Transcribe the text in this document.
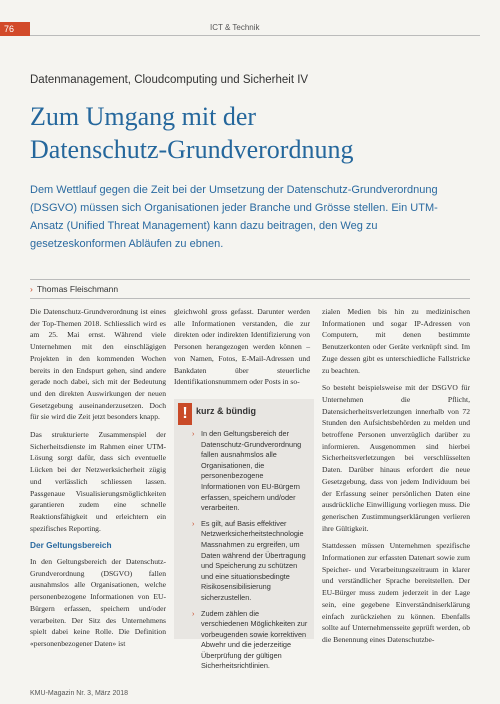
76	ICT & Technik
Datenmanagement, Cloudcomputing und Sicherheit IV
Zum Umgang mit der
Datenschutz-Grundverordnung
Dem Wettlauf gegen die Zeit bei der Umsetzung der Datenschutz-Grundverordnung (DSGVO) müssen sich Organisationen jeder Branche und Grösse stellen. Ein UTM-Ansatz (Unified Threat Management) kann dazu beitragen, den Weg zu gesetzeskonformen Abläufen zu ebnen.
› Thomas Fleischmann

Die Datenschutz-Grundverordnung ist eines der Top-Themen 2018. Schliesslich wird es am 25. Mai ernst. Während viele Unternehmen mit den einschlägigen Projekten in den kommenden Wochen bereits in den Endspurt gehen, sind andere gerade noch dabei, sich mit der Bedeutung und den direkten Auswirkungen der neuen Gesetzgebung auseinanderzusetzen. Doch für sie wird die Zeit jetzt besonders knapp.

Das strukturierte Zusammenspiel der Sicherheitsdienste im Rahmen einer UTM-Lösung sorgt dafür, dass sich eventuelle Lücken bei der Netzwerksicherheit zügig und verlässlich schliessen lassen. Passgenaue Visualisierungsmöglichkeiten garantieren zudem eine schnelle Reaktionsfähigkeit und erleichtern ein spezifisches Reporting.

Der Geltungsbereich

In den Geltungsbereich der Datenschutz-Grundverordnung (DSGVO) fallen ausnahmslos alle Organisationen, welche personenbezogene Informationen von EU-Bürgern erfassen, speichern und/oder verarbeiten. Der Sitz des Unternehmens spielt dabei keine Rolle. Die Definition «personenbezogener Daten» ist

gleichwohl gross gefasst. Darunter werden alle Informationen verstanden, die zur direkten oder indirekten Identifizierung von Personen herangezogen werden können – von Namen, Fotos, E-Mail-Adressen und Bankdaten über steuerliche Identifikationsnummern oder Posts in so-

! kurz & bündig
› In den Geltungsbereich der Datenschutz-Grundverordnung fallen ausnahmslos alle Organisationen, die personenbezogene Informationen von EU-Bürgern erfassen, speichern und/oder verarbeiten.
› Es gilt, auf Basis effektiver Netzwerksicherheitstechnologie Massnahmen zu ergreifen, um Daten während der Übertragung und Speicherung zu schützen und eine situationsbedingte Risikosensibilisierung sicherzustellen.
› Zudem zählen die verschiedenen Möglichkeiten zur vorbeugenden sowie korrektiven Abwehr und die jederzeitige Überprüfung der gültigen Sicherheitsrichtlinien.

zialen Medien bis hin zu medizinischen Informationen und sogar IP-Adressen von Computern, mit denen bestimmte Benutzerkonten oder Geräte verknüpft sind. Im Zuge dessen gibt es unterschiedliche Fallstricke zu beachten.

So besteht beispielsweise mit der DSGVO für Unternehmen die Pflicht, Datensicherheitsverletzungen innerhalb von 72 Stunden den Aufsichtsbehörden zu melden und betroffene Personen unverzüglich darüber zu informieren. Ausgenommen sind hierbei Sicherheitsverletzungen bei verschlüsselten Daten. Darüber hinaus erfordert die neue Gesetzgebung, dass von jedem Individuum bei der Erfassung seiner persönlichen Daten eine ausdrückliche Einwilligung vorliegen muss. Die generischen Zustimmungserklärungen verlieren ihre Gültigkeit.

Stattdessen müssen Unternehmen spezifische Informationen zur erfassten Datenart sowie zum Speicher- und Verarbeitungszeitraum in klarer und verständlicher Sprache bereitstellen. Der EU-Bürger muss zudem jederzeit in der Lage sein, eine gegebene Einverständniserklärung einfach zurückziehen zu können. Ebenfalls sollte auf Unternehmensseite geprüft werden, ob die Benennung eines Datenschutzbe-

KMU-Magazin Nr. 3, März 2018
